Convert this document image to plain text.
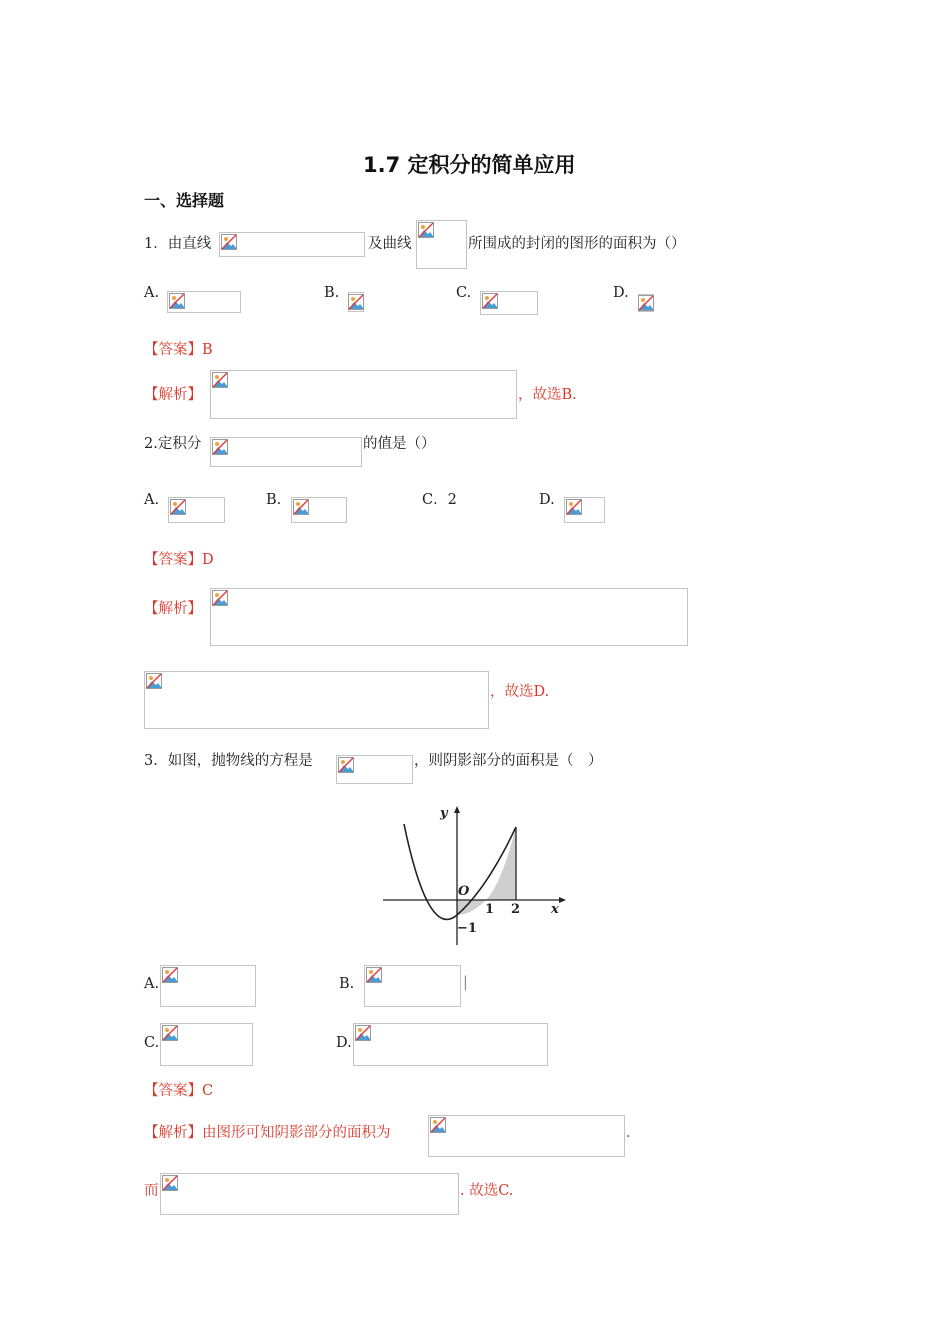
1.7 定积分的简单应用
一、选择题
1．由直线	及曲线	所围成的封闭的图形的面积为（）
A.	B.	C.	D.
【答案】B
【解析】	，故选B.
2.定积分	的值是（）
A.	B.	C．2	D.
【答案】D
【解析】
，故选D.
3．如图，抛物线的方程是	，则阴影部分的面积是（　）
y
x
O
1 2
−1
A.	B.	|
C.	D.
【答案】C
【解析】由图形可知阴影部分的面积为	.
而	. 故选C.
